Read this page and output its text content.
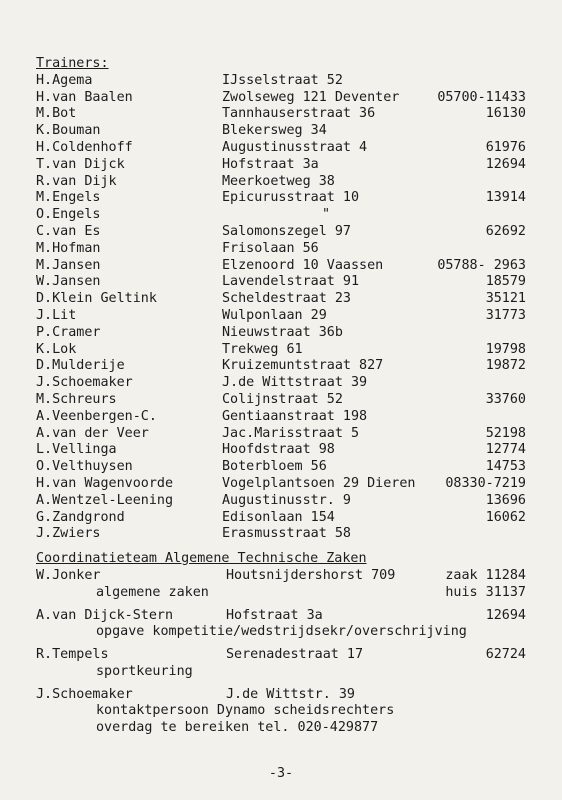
Trainers:
H.Agema	IJsselstraat 52
H.van Baalen	Zwolseweg 121 Deventer	05700-11433
M.Bot	Tannhauserstraat 36	16130
K.Bouman	Blekersweg 34
H.Coldenhoff	Augustinusstraat 4	61976
T.van Dijck	Hofstraat 3a	12694
R.van Dijk	Meerkoetweg 38
M.Engels	Epicurusstraat 10	13914
O.Engels	"
C.van Es	Salomonszegel 97	62692
M.Hofman	Frisolaan 56
M.Jansen	Elzenoord 10 Vaassen	05788- 2963
W.Jansen	Lavendelstraat 91	18579
D.Klein Geltink	Scheldestraat 23	35121
J.Lit	Wulponlaan 29	31773
P.Cramer	Nieuwstraat 36b
K.Lok	Trekweg 61	19798
D.Mulderije	Kruizemuntstraat 827	19872
J.Schoemaker	J.de Wittstraat 39
M.Schreurs	Colijnstraat 52	33760
A.Veenbergen-C.	Gentiaanstraat 198
A.van der Veer	Jac.Marisstraat 5	52198
L.Vellinga	Hoofdstraat 98	12774
O.Velthuysen	Boterbloem 56	14753
H.van Wagenvoorde	Vogelplantsoen 29 Dieren 08330-7219
A.Wentzel-Leening	Augustinusstr. 9	13696
G.Zandgrond	Edisonlaan 154	16062
J.Zwiers	Erasmusstraat 58
Coordinatieteam Algemene Technische Zaken
W.Jonker	Houtsnijdershorst 709	zaak 11284
algemene zaken	huis 31137
A.van Dijck-Stern	Hofstraat 3a	12694
opgave kompetitie/wedstrijdsekr/overschrijving
R.Tempels	Serenadestraat 17	62724
sportkeuring
J.Schoemaker	J.de Wittstr. 39
kontaktpersoon Dynamo scheidsrechters
overdag te bereiken tel. 020-429877
-3-
